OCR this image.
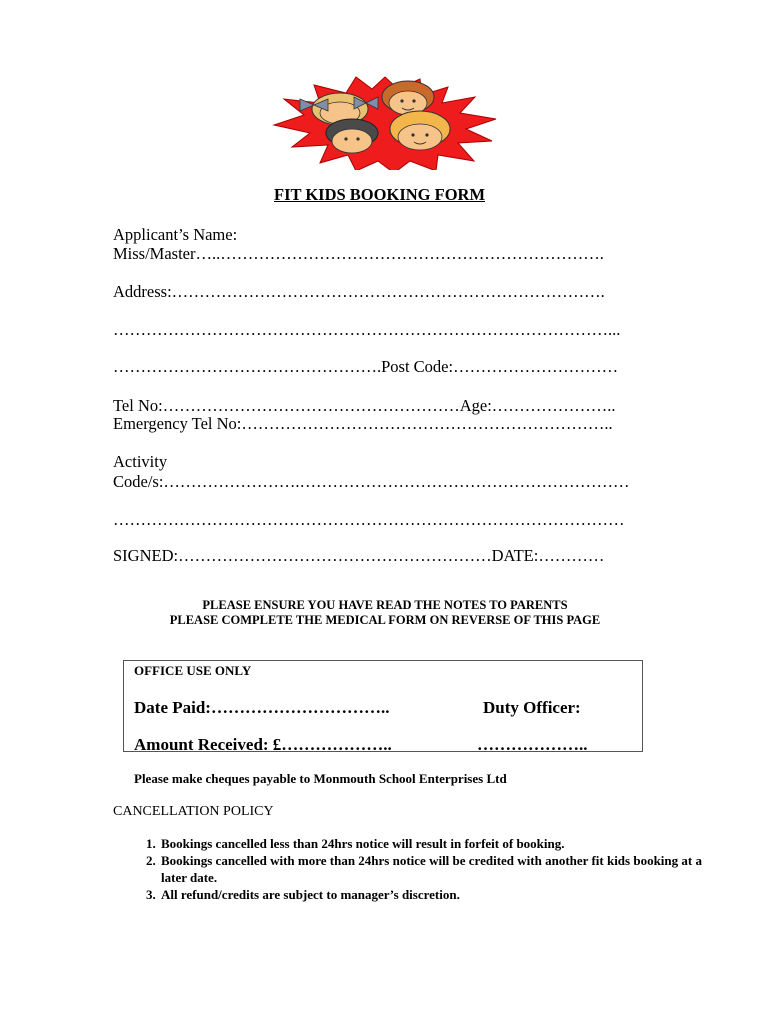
FIT KIDS BOOKING FORM
Applicant’s Name:
Miss/Master…..…………………………………………………………….
Address:…………………………………………………………………….
………………………………………………………………………………...
………………………………………….Post Code:…………………………
Tel No:………………………………………………Age:…………………..
Emergency Tel No:…………………………………………………………..
Activity
Code/s:…………………….……………………………………………………
…………………………………………………………………………………
SIGNED:…………………………………………………DATE:…………
PLEASE ENSURE YOU HAVE READ THE NOTES TO PARENTS
PLEASE COMPLETE THE MEDICAL FORM ON REVERSE OF THIS PAGE
OFFICE USE ONLY
Date Paid:…………………………..	Duty Officer:
Amount Received: £………………..	………………..
Please make cheques payable to Monmouth School Enterprises Ltd
CANCELLATION POLICY
1. Bookings cancelled less than 24hrs notice will result in forfeit of booking.
2. Bookings cancelled with more than 24hrs notice will be credited with another fit kids booking at a later date.
3. All refund/credits are subject to manager’s discretion.
